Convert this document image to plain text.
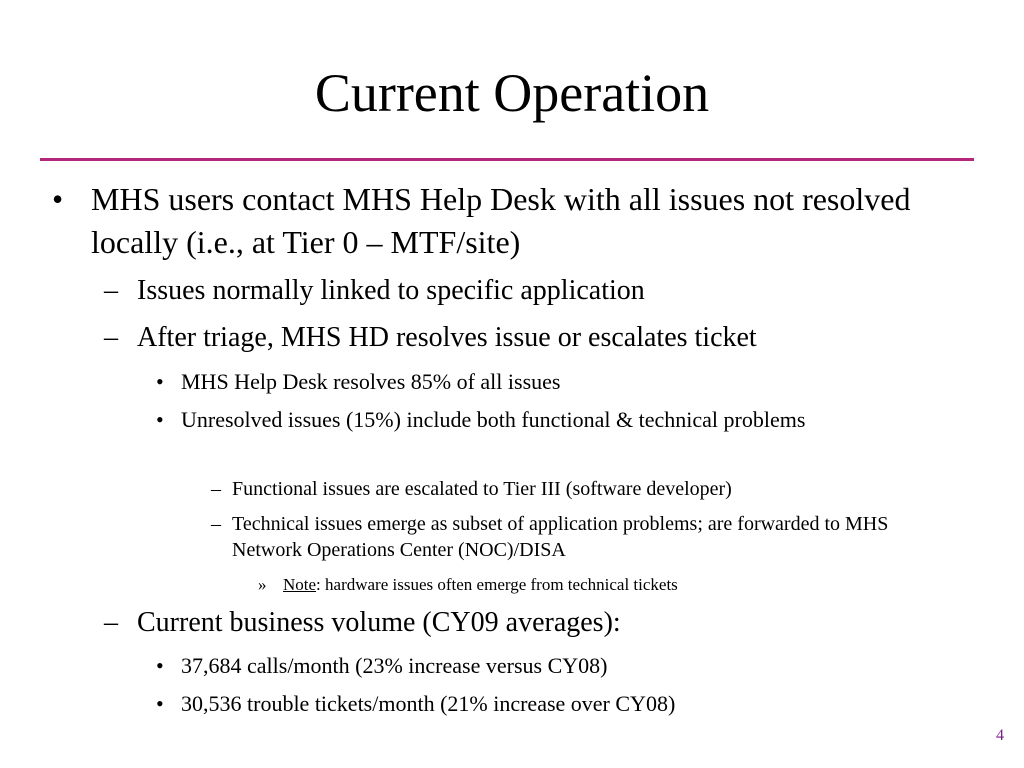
Current Operation
• MHS users contact MHS Help Desk with all issues not resolved locally (i.e., at Tier 0 – MTF/site)
– Issues normally linked to specific application
– After triage, MHS HD resolves issue or escalates ticket
• MHS Help Desk resolves 85% of all issues
• Unresolved issues (15%) include both functional & technical problems
– Functional issues are escalated to Tier III (software developer)
– Technical issues emerge as subset of application problems; are forwarded to MHS Network Operations Center (NOC)/DISA
» Note: hardware issues often emerge from technical tickets
– Current business volume (CY09 averages):
• 37,684 calls/month (23% increase versus CY08)
• 30,536 trouble tickets/month (21% increase over CY08)
4
